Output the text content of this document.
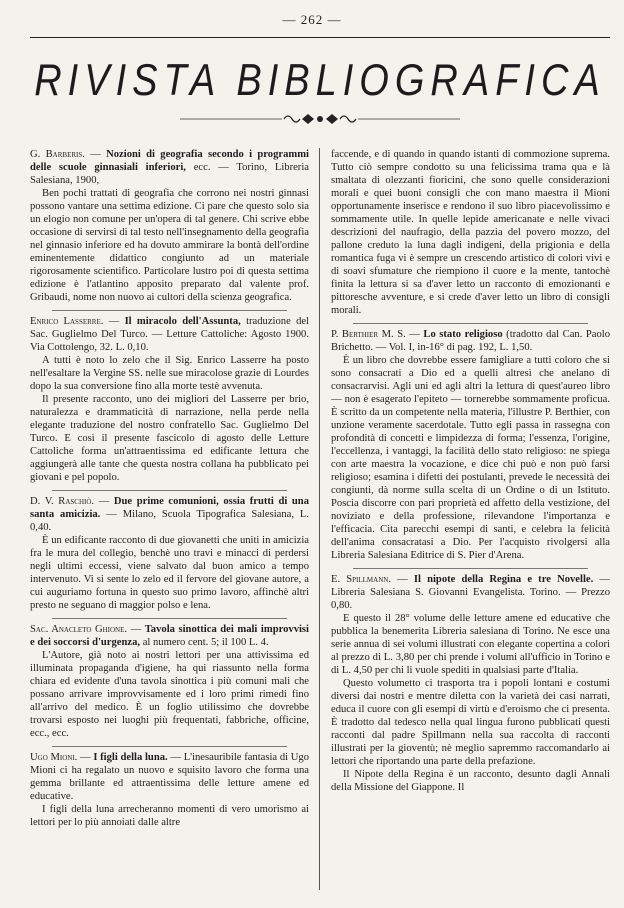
— 262 —
RIVISTA BIBLIOGRAFICA

G. Barberis. — Nozioni di geografia secondo i programmi delle scuole ginnasiali inferiori, ecc. — Torino, Libreria Salesiana, 1900,

Ben pochi trattati di geografia che corrono nei nostri ginnasi possono vantare una settima edizione. Ci pare che questo solo sia un elogio non comune per un'opera di tal genere. Chi scrive ebbe occasione di servirsi di tal testo nell'insegnamento della geografia nel ginnasio inferiore ed ha dovuto ammirare la bontà dell'ordine eminentemente didattico congiunto ad un materiale rigorosamente scientifico. Particolare lustro poi di questa settima edizione è l'atlantino apposito preparato dal valente prof. Gribaudi, nome non nuovo ai cultori della scienza geografica.

Enrico Lasserre. — Il miracolo dell'Assunta, traduzione del Sac. Guglielmo Del Turco. — Letture Cattoliche: Agosto 1900. Via Cottolengo, 32. L. 0,10.

A tutti è noto lo zelo che il Sig. Enrico Lasserre ha posto nell'esaltare la Vergine SS. nelle sue miracolose grazie di Lourdes dopo la sua conversione fino alla morte testè avvenuta.

Il presente racconto, uno dei migliori del Lasserre per brio, naturalezza e drammaticità di narrazione, nella perde nella elegante traduzione del nostro confratello Sac. Guglielmo Del Turco. E così il presente fascicolo di agosto delle Letture Cattoliche forma un'attraentissima ed edificante lettura che aggiungerà alle tante che questa nostra collana ha pubblicato pei giovani e pel popolo.

D. V. Raschiò. — Due prime comunioni, ossia frutti di una santa amicizia. — Milano, Scuola Tipografica Salesiana, L. 0,40.

È un edificante racconto di due giovanetti che uniti in amicizia fra le mura del collegio, benchè uno travi e minacci di perdersi negli ultimi eccessi, viene salvato dal buon amico a tempo intervenuto. Vi si sente lo zelo ed il fervore del giovane autore, a cui auguriamo fortuna in questo suo primo lavoro, affinchè altri presto ne seguano di maggior polso e lena.

Sac. Anacleto Ghione. — Tavola sinottica dei mali improvvisi e dei soccorsi d'urgenza, al numero cent. 5; il 100 L. 4.

L'Autore, già noto ai nostri lettori per una attivissima ed illuminata propaganda d'igiene, ha qui riassunto nella forma chiara ed evidente d'una tavola sinottica i più comuni mali che possano arrivare improvvisamente ed i loro primi rimedi fino all'arrivo del medico. È un foglio utilissimo che dovrebbe trovarsi esposto nei luoghi più frequentati, fabbriche, officine, ecc., ecc.

Ugo Mioni. — I figli della luna. — L'inesauribile fantasia di Ugo Mioni ci ha regalato un nuovo e squisito lavoro che forma una gemma brillante ed attraentissima delle letture amene ed educative.

I figli della luna arrecheranno momenti di vero umorismo ai lettori per lo più annoiati dalle altre

faccende, e di quando in quando istanti di commozione suprema. Tutto ciò sempre condotto su una felicissima trama qua e là smaltata di olezzanti fioricini, che sono quelle considerazioni morali e quei buoni consigli che con mano maestra il Mioni opportunamente inserisce e rendono il suo libro piacevolissimo e sommamente utile. In quelle lepide americanate e nelle vivaci descrizioni del naufragio, della pazzia del povero mozzo, del pallone creduto la luna dagli indigeni, della prigionia e della romantica fuga vi è sempre un crescendo artistico di colori vivi e di soavi sfumature che riempiono il cuore e la mente, tantochè finita la lettura si sa d'aver letto un racconto di emozionanti e pittoresche avventure, e si crede d'aver letto un libro di consigli morali.

P. Berthier M. S. — Lo stato religioso (tradotto dal Can. Paolo Brichetto. — Vol. I, in-16° di pag. 192, L. 1,50.

È un libro che dovrebbe essere famigliare a tutti coloro che si sono consacrati a Dio ed a quelli altresì che anelano di consacrarvisi. Agli uni ed agli altri la lettura di quest'aureo libro — non è esagerato l'epiteto — tornerebbe sommamente proficua. È scritto da un competente nella materia, l'illustre P. Berthier, con unzione veramente sacerdotale. Tutto egli passa in rassegna con profondità di concetti e limpidezza di forma; l'essenza, l'origine, l'eccellenza, i vantaggi, la facilità dello stato religioso: ne spiega con arte maestra la vocazione, e dice chi può e non può farsi religioso; esamina i difetti dei postulanti, prevede le necessità dei congiunti, dà norme sulla scelta di un Ordine o di un Istituto. Poscia discorre con pari proprietà ed affetto della vestizione, del noviziato e della professione, rilevandone l'importanza e l'efficacia. Cita parecchi esempi di santi, e celebra la felicità dell'anima consacratasi a Dio. Per l'acquisto rivolgersi alla Libreria Salesiana Editrice di S. Pier d'Arena.

E. Spillmann. — Il nipote della Regina e tre Novelle. — Libreria Salesiana S. Giovanni Evangelista. Torino. — Prezzo 0,80.

E questo il 28° volume delle letture amene ed educative che pubblica la benemerita Libreria salesiana di Torino. Ne esce una serie annua di sei volumi illustrati con elegante copertina a colori al prezzo di L. 3,80 per chi prende i volumi all'ufficio in Torino e di L. 4,50 per chi li vuole spediti in qualsiasi parte d'Italia.

Questo volumetto ci trasporta tra i popoli lontani e costumi diversi dai nostri e mentre diletta con la varietà dei casi narrati, educa il cuore con gli esempi di virtù e d'eroismo che ci presenta. È tradotto dal tedesco nella qual lingua furono pubblicati questi racconti dal padre Spillmann nella sua raccolta di racconti illustrati per la gioventù; nè meglio sapremmo raccomandarlo ai lettori che riportando una parte della prefazione.

Il Nipote della Regina è un racconto, desunto dagli Annali della Missione del Giappone. Il
